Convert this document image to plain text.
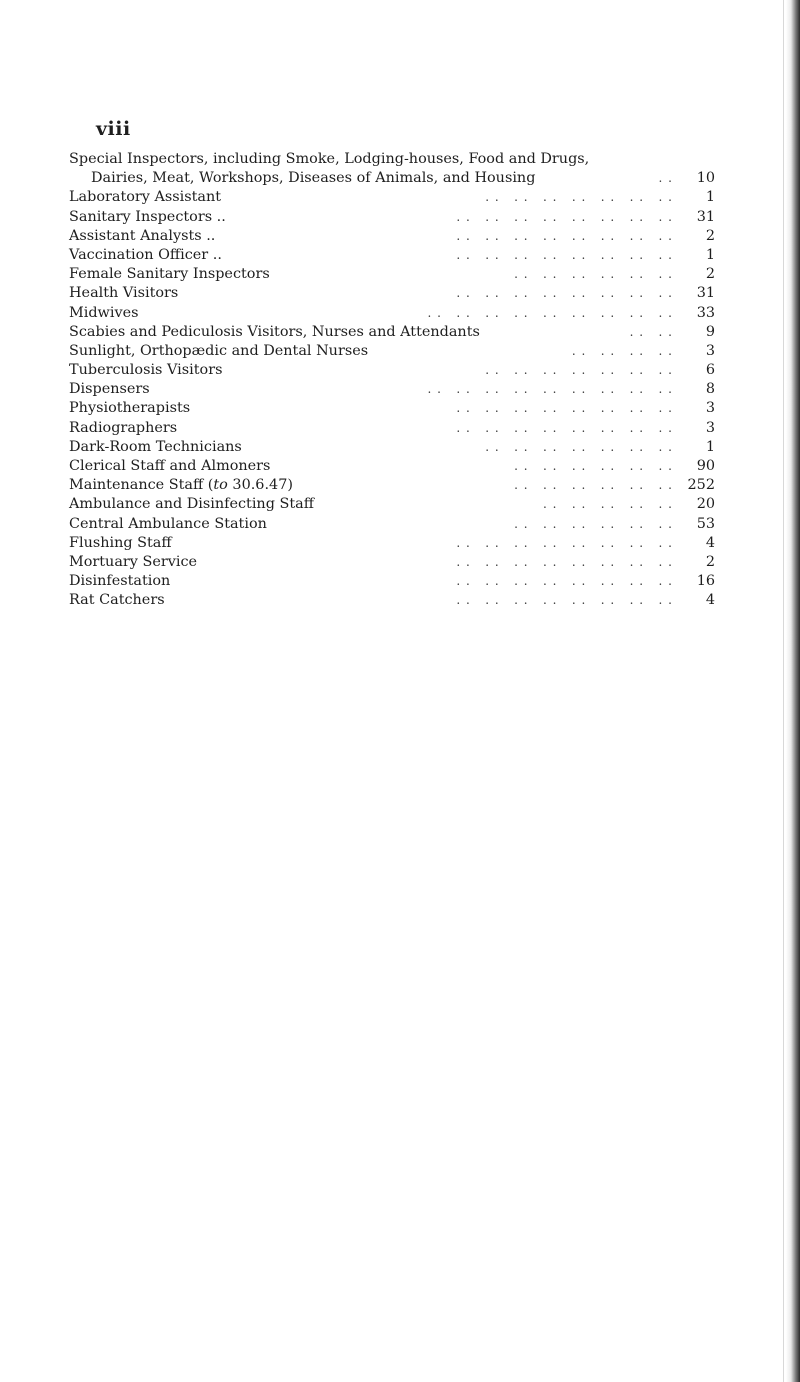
viii
Special Inspectors, including Smoke, Lodging-houses, Food and Drugs,
Dairies, Meat, Workshops, Diseases of Animals, and Housing	. .	10
Laboratory Assistant	. .   . .   . .   . .   . .   . .   . .	1
Sanitary Inspectors ..	. .   . .   . .   . .   . .   . .   . .   . .	31
Assistant Analysts ..	. .   . .   . .   . .   . .   . .   . .   . .	2
Vaccination Officer ..	. .   . .   . .   . .   . .   . .   . .   . .	1
Female Sanitary Inspectors	. .   . .   . .   . .   . .   . .	2
Health Visitors	. .   . .   . .   . .   . .   . .   . .   . .	31
Midwives	. .   . .   . .   . .   . .   . .   . .   . .   . .	33
Scabies and Pediculosis Visitors, Nurses and Attendants	. .   . .	9
Sunlight, Orthopædic and Dental Nurses	. .   . .   . .   . .	3
Tuberculosis Visitors	. .   . .   . .   . .   . .   . .   . .	6
Dispensers	. .   . .   . .   . .   . .   . .   . .   . .   . .	8
Physiotherapists	. .   . .   . .   . .   . .   . .   . .   . .	3
Radiographers	. .   . .   . .   . .   . .   . .   . .   . .	3
Dark-Room Technicians	. .   . .   . .   . .   . .   . .   . .	1
Clerical Staff and Almoners	. .   . .   . .   . .   . .   . .	90
Maintenance Staff (to 30.6.47)	. .   . .   . .   . .   . .   . .	252
Ambulance and Disinfecting Staff	. .   . .   . .   . .   . .	20
Central Ambulance Station	. .   . .   . .   . .   . .   . .	53
Flushing Staff	. .   . .   . .   . .   . .   . .   . .   . .	4
Mortuary Service	. .   . .   . .   . .   . .   . .   . .   . .	2
Disinfestation	. .   . .   . .   . .   . .   . .   . .   . .	16
Rat Catchers	. .   . .   . .   . .   . .   . .   . .   . .	4
